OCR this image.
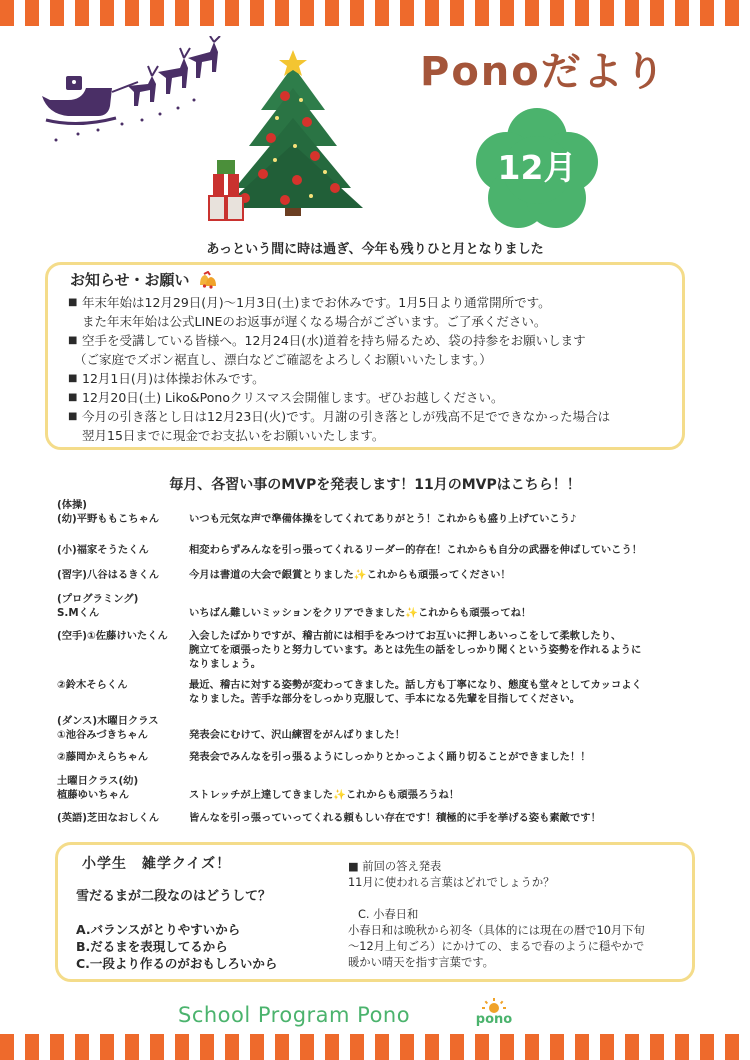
Ponoだより
12月
あっという間に時は過ぎ、今年も残りひと月となりました
お知らせ・お願い
■ 年末年始は12月29日(月)〜1月3日(土)までお休みです。1月5日より通常開所です。
また年末年始は公式LINEのお返事が遅くなる場合がございます。ご了承ください。
■ 空手を受講している皆様へ。12月24日(水)道着を持ち帰るため、袋の持参をお願いします
（ご家庭でズボン裾直し、漂白などご確認をよろしくお願いいたします。）
■ 12月1日(月)は体操お休みです。
■ 12月20日(土) Liko&Ponoクリスマス会開催します。ぜひお越しください。
■ 今月の引き落とし日は12月23日(火)です。月謝の引き落としが残高不足でできなかった場合は
翌月15日までに現金でお支払いをお願いいたします。
毎月、各習い事のMVPを発表します！11月のMVPはこちら！！
(体操)
(幼)平野ももこちゃん
	いつも元気な声で準備体操をしてくれてありがとう！これからも盛り上げていこう♪
(小)福家そうたくん	相変わらずみんなを引っ張ってくれるリーダー的存在！これからも自分の武器を伸ばしていこう！
(習字)八谷はるきくん	今月は書道の大会で銀賞とりました✨これからも頑張ってください！
(プログラミング)
S.Mくん
	いちばん難しいミッションをクリアできました✨これからも頑張ってね！
(空手)①佐藤けいたくん	入会したばかりですが、稽古前には相手をみつけてお互いに押しあいっこをして柔軟したり、
腕立てを頑張ったりと努力しています。あとは先生の話をしっかり聞くという姿勢を作れるように
なりましょう。
②鈴木そらくん	最近、稽古に対する姿勢が変わってきました。話し方も丁寧になり、態度も堂々としてカッコよく
なりました。苦手な部分をしっかり克服して、手本になる先輩を目指してください。
(ダンス)木曜日クラス
①池谷みづきちゃん
	発表会にむけて、沢山練習をがんばりました！
②藤岡かえらちゃん	発表会でみんなを引っ張るようにしっかりとかっこよく踊り切ることができました！！
土曜日クラス(幼)
植藤ゆいちゃん
	ストレッチが上達してきました✨これからも頑張ろうね！
(英語)芝田なおしくん	皆んなを引っ張っていってくれる頼もしい存在です！積極的に手を挙げる姿も素敵です！
小学生　雑学クイズ！
雪だるまが二段なのはどうして？
A.バランスがとりやすいから
B.だるまを表現してるから
C.一段より作るのがおもしろいから
■ 前回の答え発表
11月に使われる言葉はどれでしょうか？

C. 小春日和
小春日和は晩秋から初冬（具体的には現在の暦で10月下旬
〜12月上旬ごろ）にかけての、まるで春のように穏やかで
暖かい晴天を指す言葉です。
School Program Pono	pono
